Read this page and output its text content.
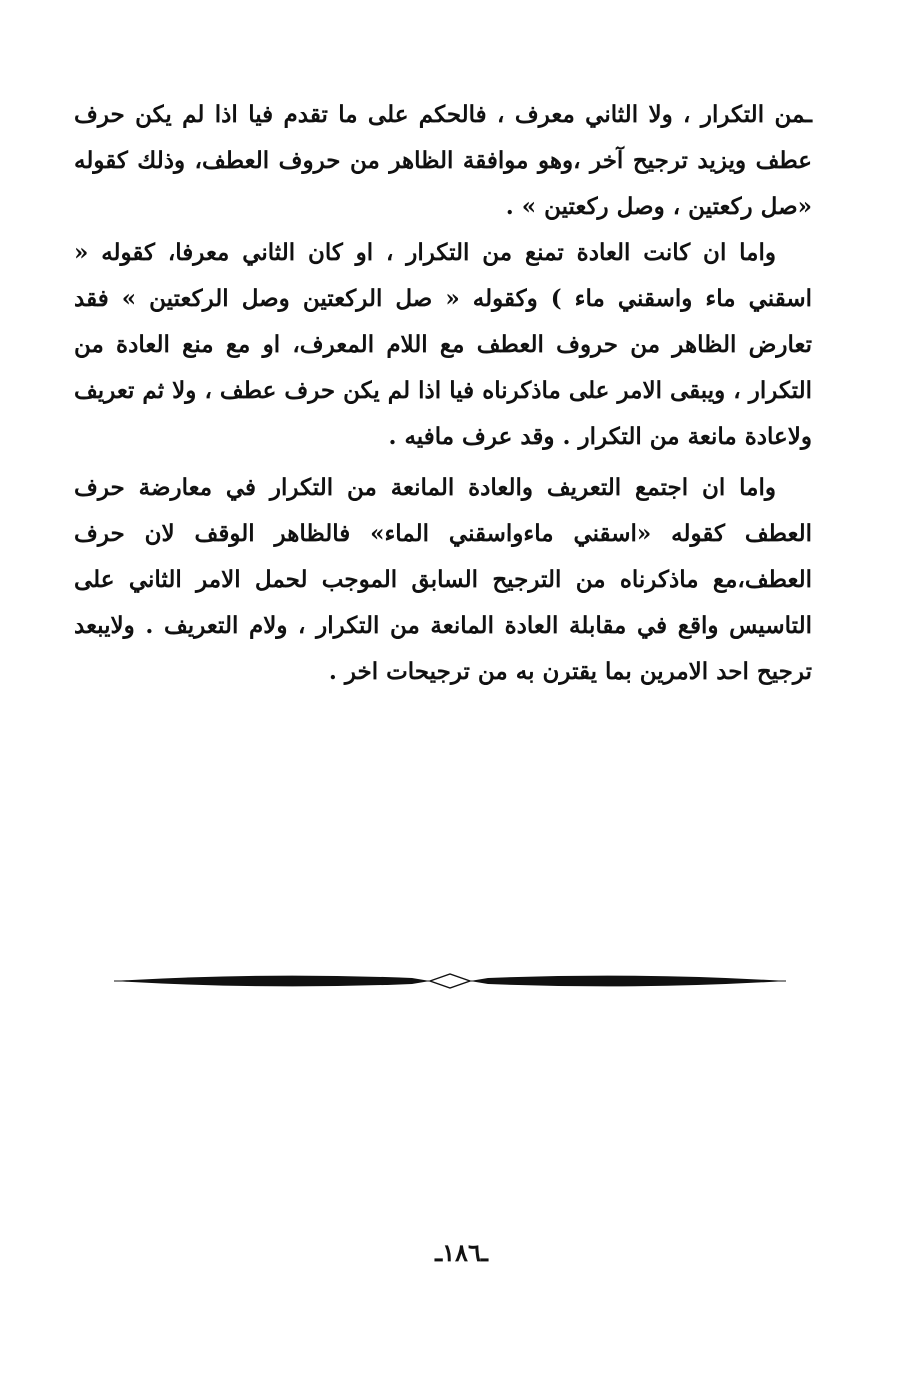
ـمن التكرار ، ولا الثاني معرف ، فالحكم على ما تقدم فيا اذا لم يكن حرف عطف ويزيد ترجيح آخر ،وهو موافقة الظاهر من حروف العطف، وذلك كقوله «صل ركعتين ، وصل ركعتين » .

واما ان كانت العادة تمنع من التكرار ، او كان الثاني معرفا، كقوله « اسقني ماء واسقني ماء ) وكقوله « صل الركعتين وصل الركعتين » فقد تعارض الظاهر من حروف العطف مع اللام المعرف، او مع منع العادة من التكرار ، ويبقى الامر على ماذكرناه فيا اذا لم يكن حرف عطف ، ولا ثم تعريف ولاعادة مانعة من التكرار . وقد عرف مافيه .

واما ان اجتمع التعريف والعادة المانعة من التكرار في معارضة حرف العطف كقوله «اسقني ماءواسقني الماء» فالظاهر الوقف لان حرف العطف،مع ماذكرناه من الترجيح السابق الموجب لحمل الامر الثاني على التاسيس واقع في مقابلة العادة المانعة من التكرار ، ولام التعريف . ولايبعد ترجيح احد الامرين بما يقترن به من ترجيحات اخر .

ـ١٨٦ـ
